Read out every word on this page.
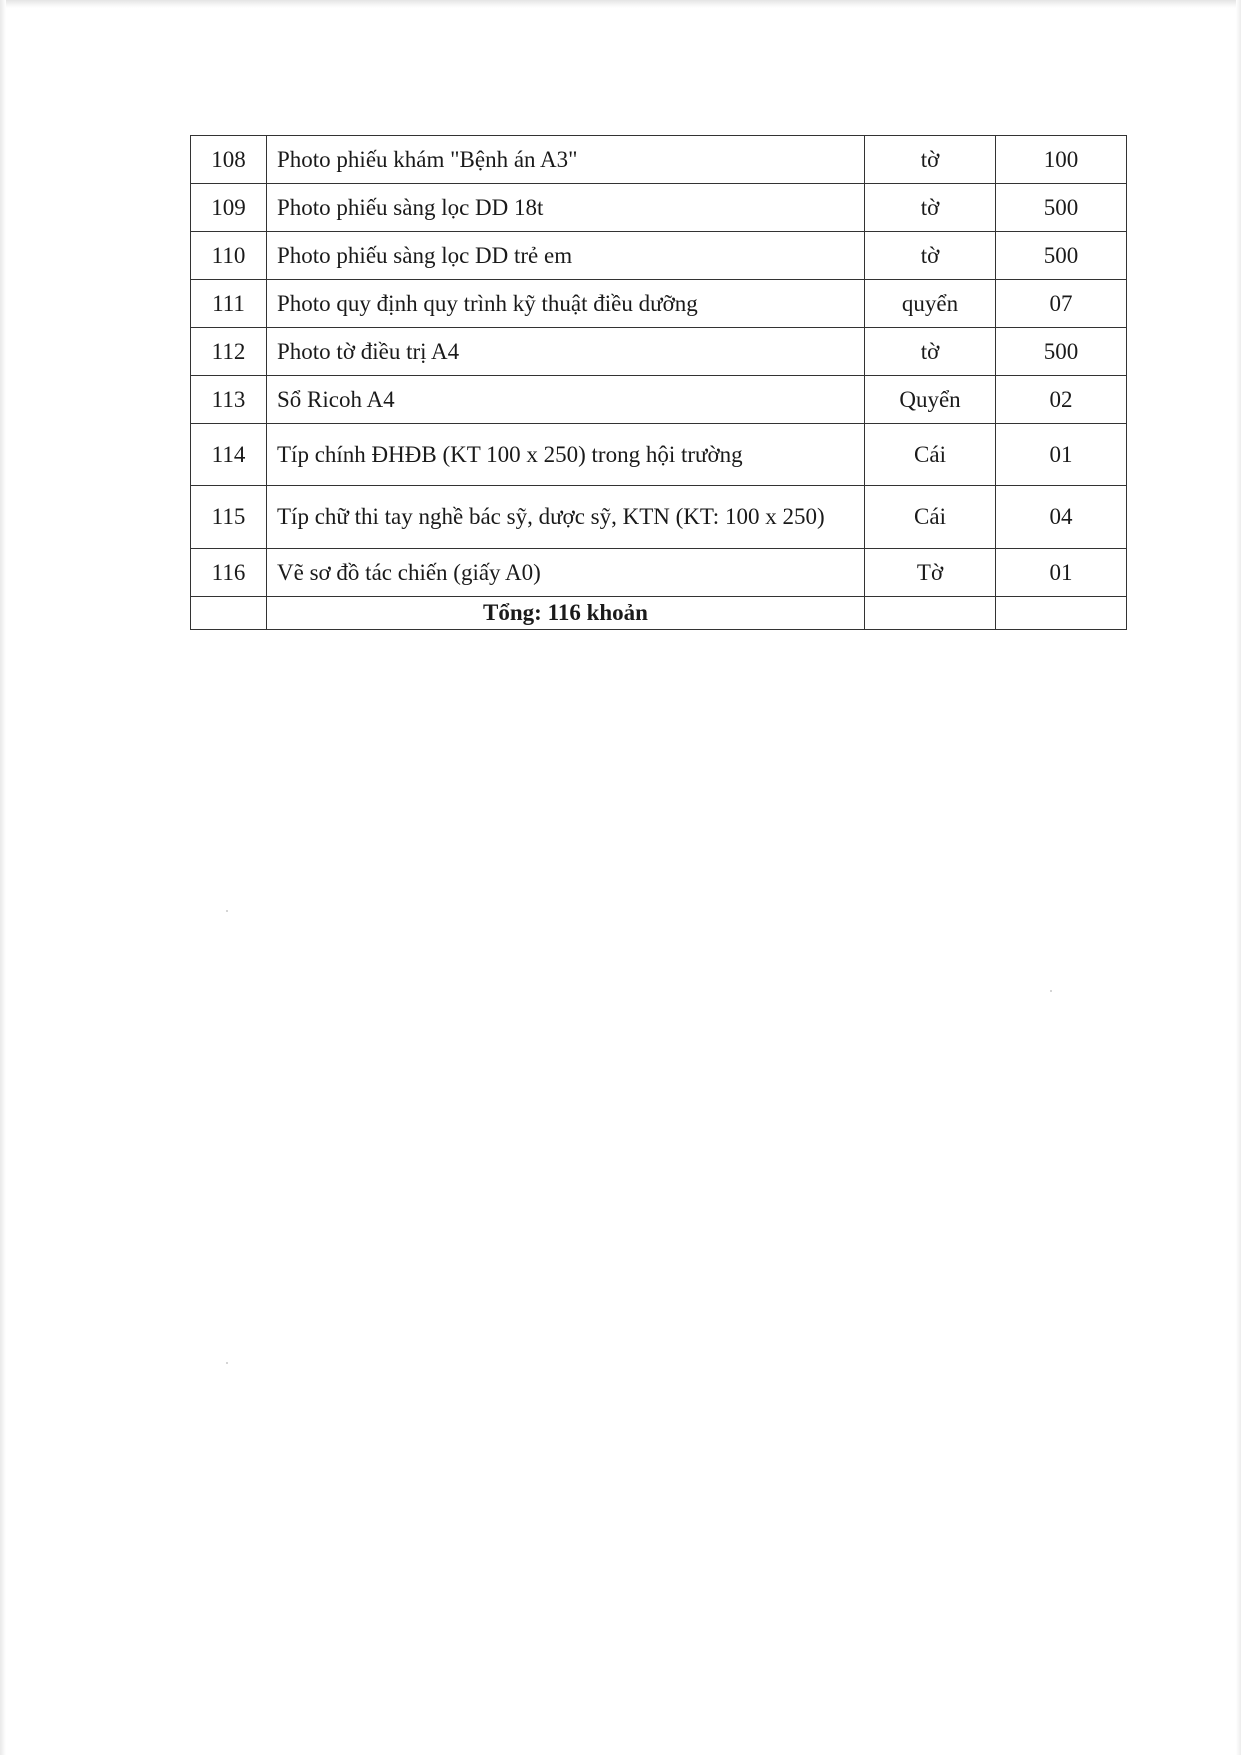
108	Photo phiếu khám "Bệnh án A3"	tờ	100
109	Photo phiếu sàng lọc DD 18t	tờ	500
110	Photo phiếu sàng lọc DD trẻ em	tờ	500
111	Photo quy định quy trình kỹ thuật điều dưỡng	quyển	07
112	Photo tờ điều trị A4	tờ	500
113	Sổ Ricoh A4	Quyển	02
114	Típ chính ĐHĐB (KT 100 x 250) trong hội trường	Cái	01
115	Típ chữ thi tay nghề bác sỹ, dược sỹ, KTN (KT: 100 x 250)	Cái	04
116	Vẽ sơ đồ tác chiến (giấy A0)	Tờ	01
	Tổng: 116 khoản		
